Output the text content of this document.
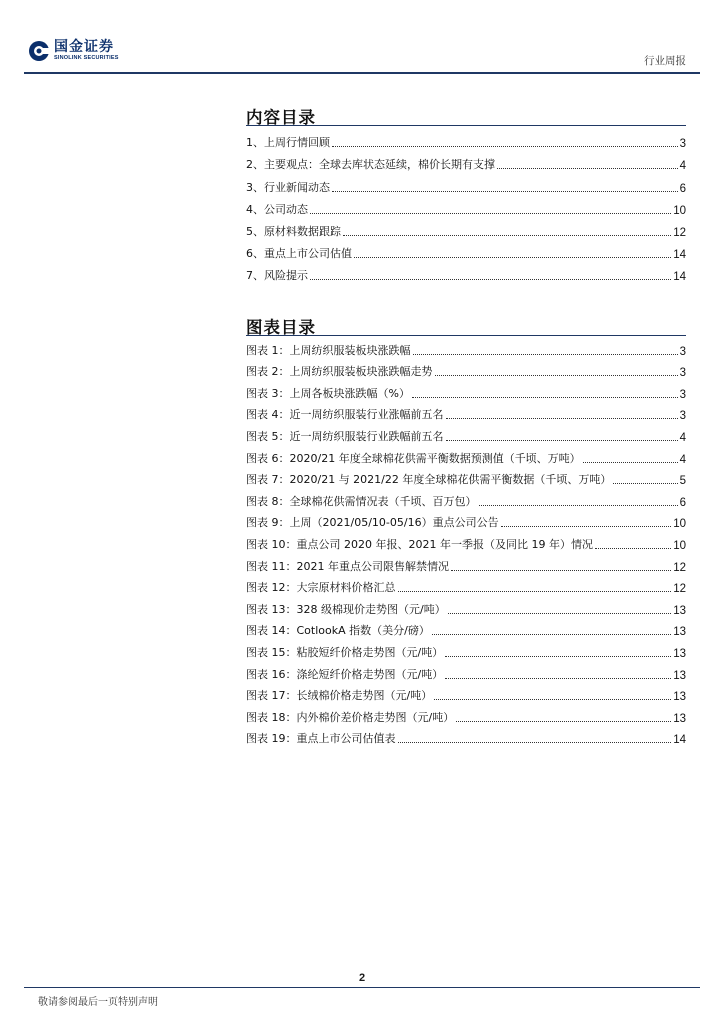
国金证券
SINOLINK SECURITIES	行业周报
内容目录
1、上周行情回顾	3
2、主要观点：全球去库状态延续，棉价长期有支撑	4
3、行业新闻动态	6
4、公司动态	10
5、原材料数据跟踪	12
6、重点上市公司估值	14
7、风险提示	14
图表目录
图表 1：上周纺织服装板块涨跌幅	3
图表 2：上周纺织服装板块涨跌幅走势	3
图表 3：上周各板块涨跌幅（%）	3
图表 4：近一周纺织服装行业涨幅前五名	3
图表 5：近一周纺织服装行业跌幅前五名	4
图表 6：2020/21 年度全球棉花供需平衡数据预测值（千顷、万吨）	4
图表 7：2020/21 与 2021/22 年度全球棉花供需平衡数据（千顷、万吨）	5
图表 8：全球棉花供需情况表（千顷、百万包）	6
图表 9：上周（2021/05/10-05/16）重点公司公告	10
图表 10：重点公司 2020 年报、2021 年一季报（及同比 19 年）情况	10
图表 11：2021 年重点公司限售解禁情况	12
图表 12：大宗原材料价格汇总	12
图表 13：328 级棉现价走势图（元/吨）	13
图表 14：CotlookA 指数（美分/磅）	13
图表 15：粘胶短纤价格走势图（元/吨）	13
图表 16：涤纶短纤价格走势图（元/吨）	13
图表 17：长绒棉价格走势图（元/吨）	13
图表 18：内外棉价差价格走势图（元/吨）	13
图表 19：重点上市公司估值表	14
2
敬请参阅最后一页特别声明
